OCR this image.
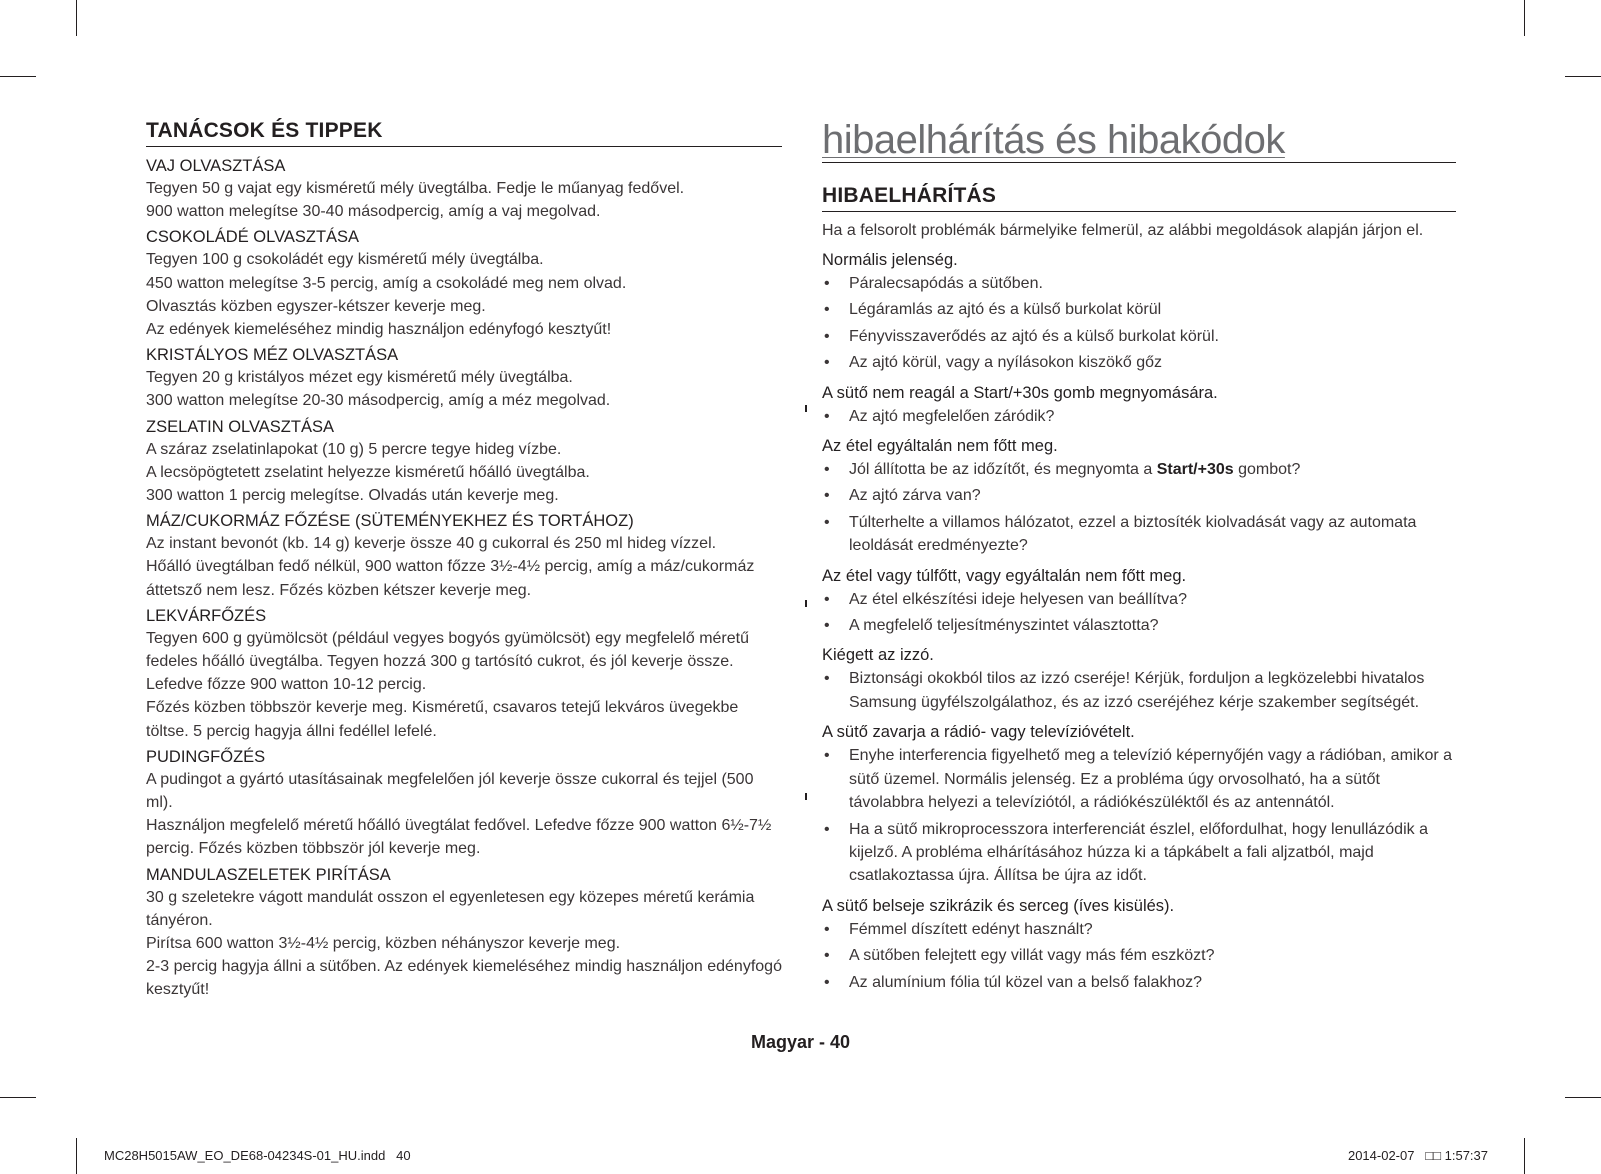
TANÁCSOK ÉS TIPPEK
VAJ OLVASZTÁSA
Tegyen 50 g vajat egy kisméretű mély üvegtálba. Fedje le műanyag fedővel.
900 watton melegítse 30-40 másodpercig, amíg a vaj megolvad.
CSOKOLÁDÉ OLVASZTÁSA
Tegyen 100 g csokoládét egy kisméretű mély üvegtálba.
450 watton melegítse 3-5 percig, amíg a csokoládé meg nem olvad.
Olvasztás közben egyszer-kétszer keverje meg.
Az edények kiemeléséhez mindig használjon edényfogó kesztyűt!
KRISTÁLYOS MÉZ OLVASZTÁSA
Tegyen 20 g kristályos mézet egy kisméretű mély üvegtálba.
300 watton melegítse 20-30 másodpercig, amíg a méz megolvad.
ZSELATIN OLVASZTÁSA
A száraz zselatinlapokat (10 g) 5 percre tegye hideg vízbe.
A lecsöpögtetett zselatint helyezze kisméretű hőálló üvegtálba.
300 watton 1 percig melegítse. Olvadás után keverje meg.
MÁZ/CUKORMÁZ FŐZÉSE (SÜTEMÉNYEKHEZ ÉS TORTÁHOZ)
Az instant bevonót (kb. 14 g) keverje össze 40 g cukorral és 250 ml hideg vízzel.
Hőálló üvegtálban fedő nélkül, 900 watton főzze 3½-4½ percig, amíg a máz/cukormáz
áttetsző nem lesz. Főzés közben kétszer keverje meg.
LEKVÁRFŐZÉS
Tegyen 600 g gyümölcsöt (például vegyes bogyós gyümölcsöt) egy megfelelő méretű
fedeles hőálló üvegtálba. Tegyen hozzá 300 g tartósító cukrot, és jól keverje össze.
Lefedve főzze 900 watton 10-12 percig.
Főzés közben többször keverje meg. Kisméretű, csavaros tetejű lekváros üvegekbe
töltse. 5 percig hagyja állni fedéllel lefelé.
PUDINGFŐZÉS
A pudingot a gyártó utasításainak megfelelően jól keverje össze cukorral és tejjel (500 ml).
Használjon megfelelő méretű hőálló üvegtálat fedővel. Lefedve főzze 900 watton 6½-7½
percig. Főzés közben többször jól keverje meg.
MANDULASZELETEK PIRÍTÁSA
30 g szeletekre vágott mandulát osszon el egyenletesen egy közepes méretű kerámia
tányéron.
Pirítsa 600 watton 3½-4½ percig, közben néhányszor keverje meg.
2-3 percig hagyja állni a sütőben. Az edények kiemeléséhez mindig használjon edényfogó
kesztyűt!
hibaelhárítás és hibakódok
HIBAELHÁRÍTÁS
Ha a felsorolt problémák bármelyike felmerül, az alábbi megoldások alapján járjon el.
Normális jelenség.
• Páralecsapódás a sütőben.
• Légáramlás az ajtó és a külső burkolat körül
• Fényvisszaverődés az ajtó és a külső burkolat körül.
• Az ajtó körül, vagy a nyílásokon kiszökő gőz
A sütő nem reagál a Start/+30s gomb megnyomására.
• Az ajtó megfelelően záródik?
Az étel egyáltalán nem főtt meg.
• Jól állította be az időzítőt, és megnyomta a Start/+30s gombot?
• Az ajtó zárva van?
• Túlterhelte a villamos hálózatot, ezzel a biztosíték kiolvadását vagy az automata leoldását eredményezte?
Az étel vagy túlfőtt, vagy egyáltalán nem főtt meg.
• Az étel elkészítési ideje helyesen van beállítva?
• A megfelelő teljesítményszintet választotta?
Kiégett az izzó.
• Biztonsági okokból tilos az izzó cseréje! Kérjük, forduljon a legközelebbi hivatalos Samsung ügyfélszolgálathoz, és az izzó cseréjéhez kérje szakember segítségét.
A sütő zavarja a rádió- vagy televízióvételt.
• Enyhe interferencia figyelhető meg a televízió képernyőjén vagy a rádióban, amikor a sütő üzemel. Normális jelenség. Ez a probléma úgy orvosolható, ha a sütőt távolabbra helyezi a televíziótól, a rádiókészüléktől és az antennától.
• Ha a sütő mikroprocesszora interferenciát észlel, előfordulhat, hogy lenullázódik a kijelző. A probléma elhárításához húzza ki a tápkábelt a fali aljzatból, majd csatlakoztassa újra. Állítsa be újra az időt.
A sütő belseje szikrázik és serceg (íves kisülés).
• Fémmel díszített edényt használt?
• A sütőben felejtett egy villát vagy más fém eszközt?
• Az alumínium fólia túl közel van a belső falakhoz?
Magyar - 40
MC28H5015AW_EO_DE68-04234S-01_HU.indd   40	2014-02-07   □□ 1:57:37
